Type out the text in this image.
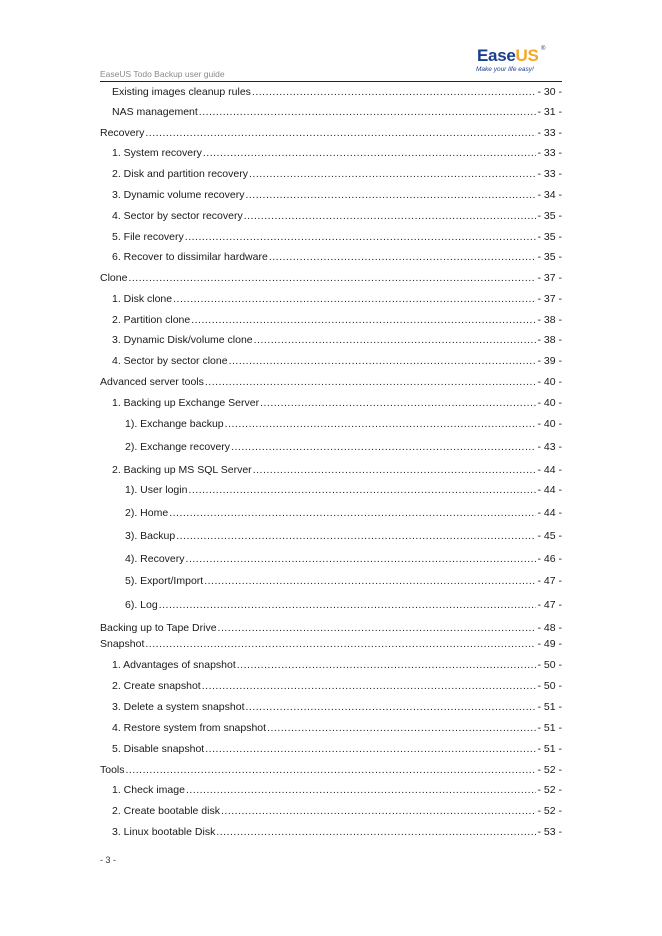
EaseUS Todo Backup user guide
EaseUS ®
Make your life easy!
Existing images cleanup rules .....	- 30 -
NAS management .....	- 31 -
Recovery .....	- 33 -
1. System recovery .....	- 33 -
2. Disk and partition recovery .....	- 33 -
3. Dynamic volume recovery .....	- 34 -
4. Sector by sector recovery .....	- 35 -
5. File recovery .....	- 35 -
6. Recover to dissimilar hardware .....	- 35 -
Clone .....	- 37 -
1. Disk clone .....	- 37 -
2. Partition clone .....	- 38 -
3. Dynamic Disk/volume clone .....	- 38 -
4. Sector by sector clone .....	- 39 -
Advanced server tools .....	- 40 -
1. Backing up Exchange Server .....	- 40 -
1). Exchange backup .....	- 40 -
2). Exchange recovery .....	- 43 -
2. Backing up MS SQL Server .....	- 44 -
1). User login .....	- 44 -
2). Home .....	- 44 -
3). Backup .....	- 45 -
4). Recovery .....	- 46 -
5). Export/Import .....	- 47 -
6). Log .....	- 47 -
Backing up to Tape Drive .....	- 48 -
Snapshot .....	- 49 -
1. Advantages of snapshot .....	- 50 -
2. Create snapshot .....	- 50 -
3. Delete a system snapshot .....	- 51 -
4. Restore system from snapshot .....	- 51 -
5. Disable snapshot .....	- 51 -
Tools .....	- 52 -
1. Check image .....	- 52 -
2. Create bootable disk .....	- 52 -
3. Linux bootable Disk .....	- 53 -
- 3 -
